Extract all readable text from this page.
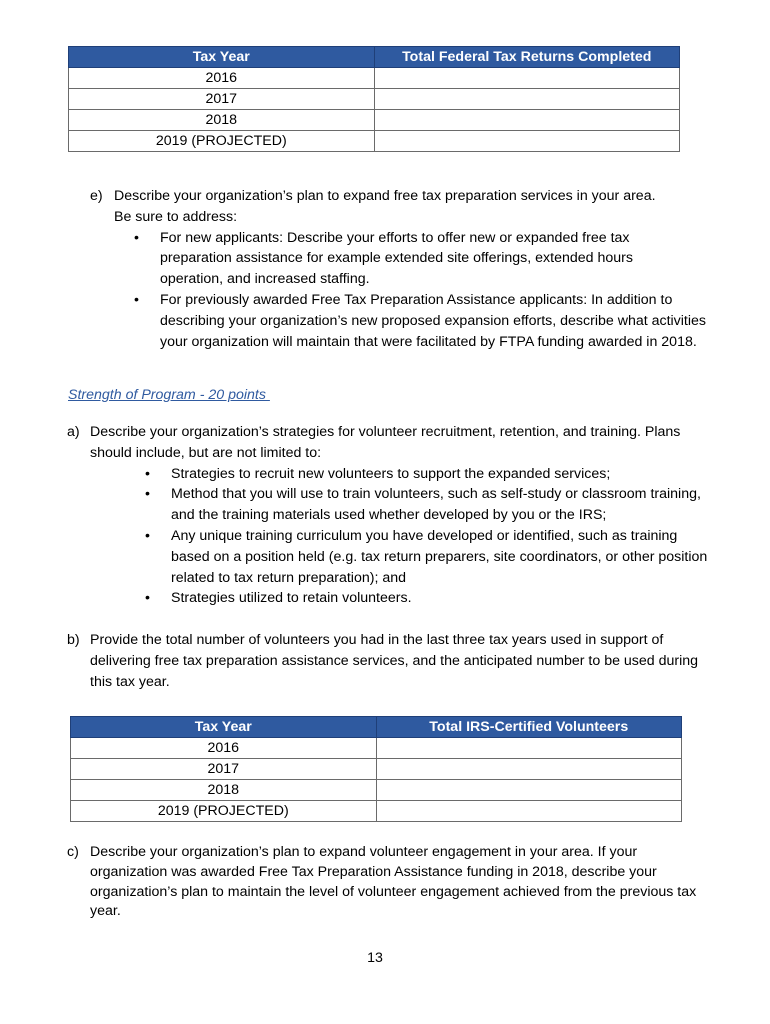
Tax Year	Total Federal Tax Returns Completed
2016	
2017	
2018	
2019 (PROJECTED)	
e) Describe your organization’s plan to expand free tax preparation services in your area.
Be sure to address:
•	For new applicants: Describe your efforts to offer new or expanded free tax preparation assistance for example extended site offerings, extended hours operation, and increased staffing.
•	For previously awarded Free Tax Preparation Assistance applicants: In addition to describing your organization’s new proposed expansion efforts, describe what activities your organization will maintain that were facilitated by FTPA funding awarded in 2018.
Strength of Program - 20 points
a) Describe your organization’s strategies for volunteer recruitment, retention, and training. Plans should include, but are not limited to:
•	Strategies to recruit new volunteers to support the expanded services;
•	Method that you will use to train volunteers, such as self-study or classroom training, and the training materials used whether developed by you or the IRS;
•	Any unique training curriculum you have developed or identified, such as training based on a position held (e.g. tax return preparers, site coordinators, or other position related to tax return preparation); and
•	Strategies utilized to retain volunteers.
b) Provide the total number of volunteers you had in the last three tax years used in support of delivering free tax preparation assistance services, and the anticipated number to be used during this tax year.
Tax Year	Total IRS-Certified Volunteers
2016	
2017	
2018	
2019 (PROJECTED)	
c) Describe your organization’s plan to expand volunteer engagement in your area. If your organization was awarded Free Tax Preparation Assistance funding in 2018, describe your organization’s plan to maintain the level of volunteer engagement achieved from the previous tax year.
13
